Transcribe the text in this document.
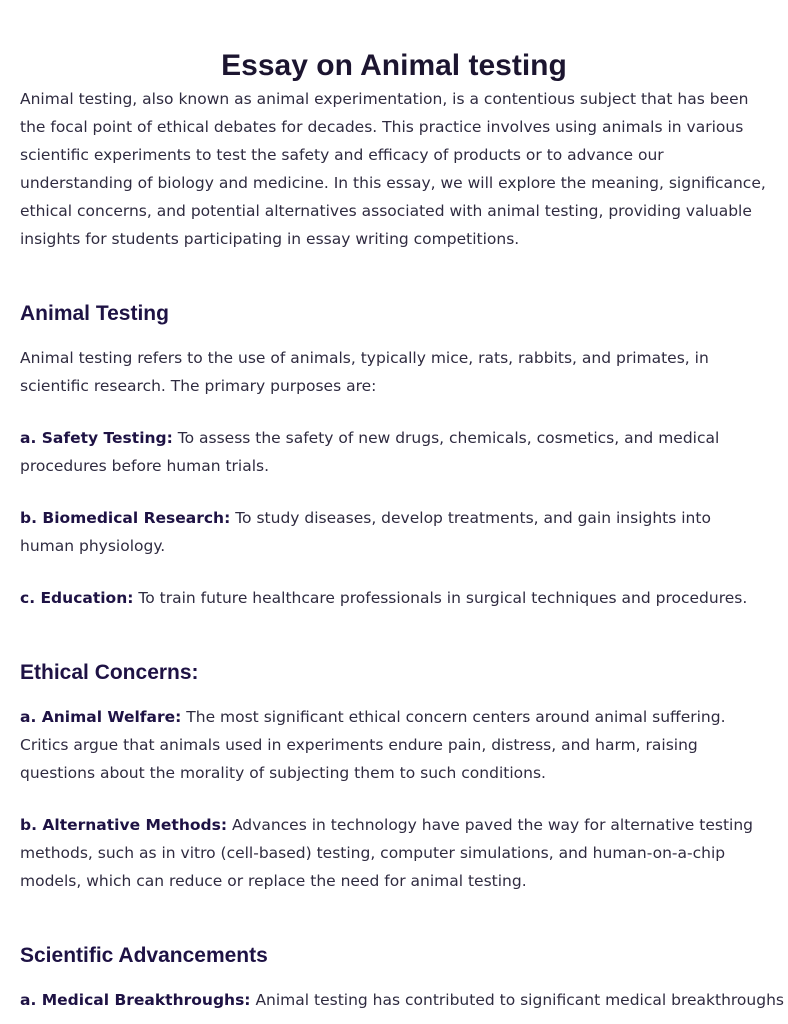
Essay on Animal testing

Animal testing, also known as animal experimentation, is a contentious subject that has been the focal point of ethical debates for decades. This practice involves using animals in various scientific experiments to test the safety and efficacy of products or to advance our understanding of biology and medicine. In this essay, we will explore the meaning, significance, ethical concerns, and potential alternatives associated with animal testing, providing valuable insights for students participating in essay writing competitions.

Animal Testing

Animal testing refers to the use of animals, typically mice, rats, rabbits, and primates, in scientific research. The primary purposes are:

a. Safety Testing: To assess the safety of new drugs, chemicals, cosmetics, and medical procedures before human trials.

b. Biomedical Research: To study diseases, develop treatments, and gain insights into human physiology.

c. Education: To train future healthcare professionals in surgical techniques and procedures.

Ethical Concerns:

a. Animal Welfare: The most significant ethical concern centers around animal suffering. Critics argue that animals used in experiments endure pain, distress, and harm, raising questions about the morality of subjecting them to such conditions.

b. Alternative Methods: Advances in technology have paved the way for alternative testing methods, such as in vitro (cell-based) testing, computer simulations, and human-on-a-chip models, which can reduce or replace the need for animal testing.

Scientific Advancements

a. Medical Breakthroughs: Animal testing has contributed to significant medical breakthroughs
